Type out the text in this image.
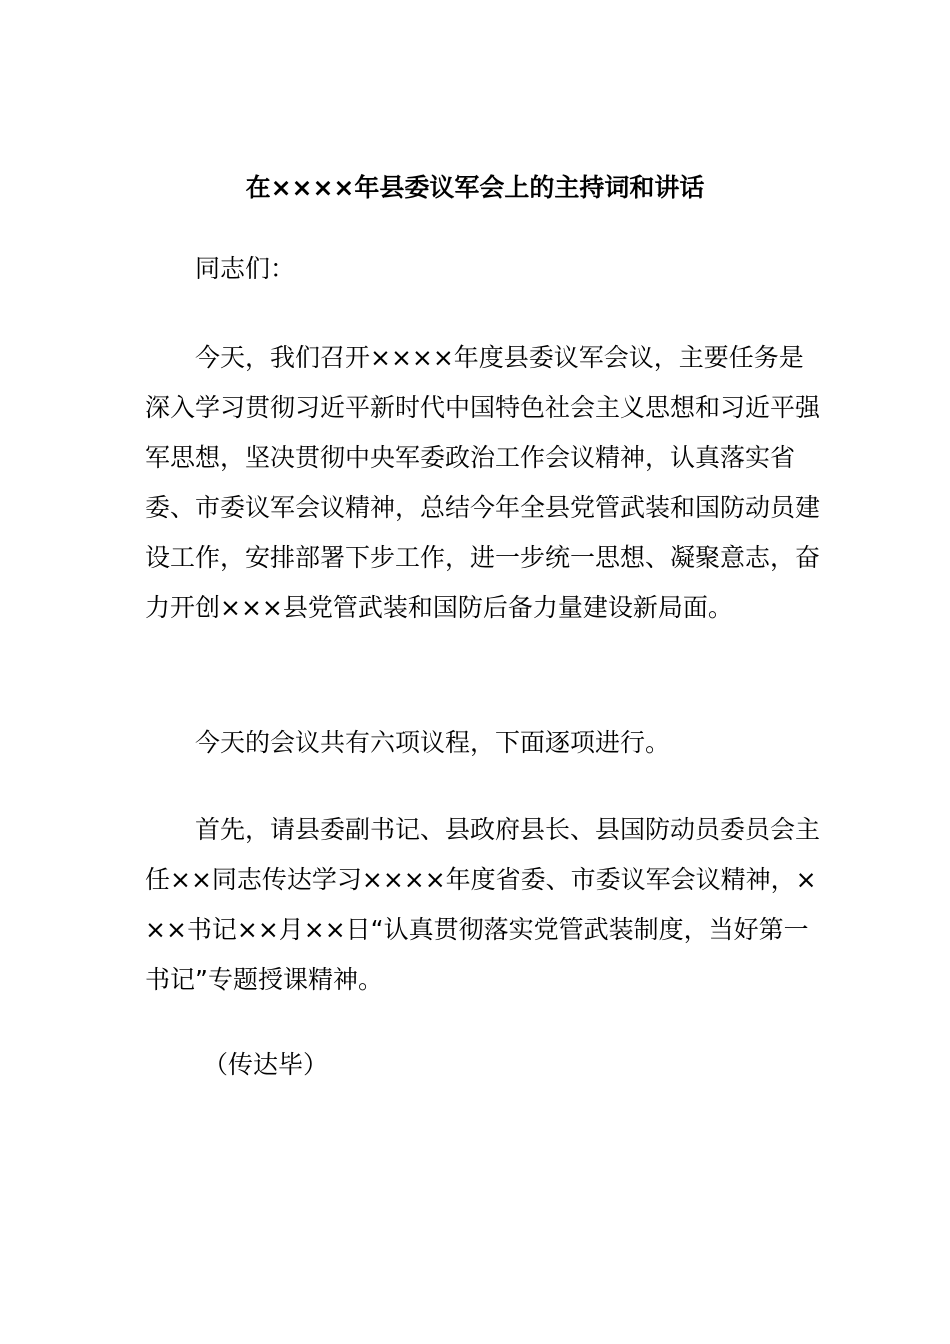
在××××年县委议军会上的主持词和讲话

同志们：

今天，我们召开××××年度县委议军会议，主要任务是深入学习贯彻习近平新时代中国特色社会主义思想和习近平强军思想，坚决贯彻中央军委政治工作会议精神，认真落实省委、市委议军会议精神，总结今年全县党管武装和国防动员建设工作，安排部署下步工作，进一步统一思想、凝聚意志，奋力开创×××县党管武装和国防后备力量建设新局面。

今天的会议共有六项议程，下面逐项进行。

首先，请县委副书记、县政府县长、县国防动员委员会主任××同志传达学习××××年度省委、市委议军会议精神，×××书记××月××日“认真贯彻落实党管武装制度，当好第一书记”专题授课精神。

（传达毕）
